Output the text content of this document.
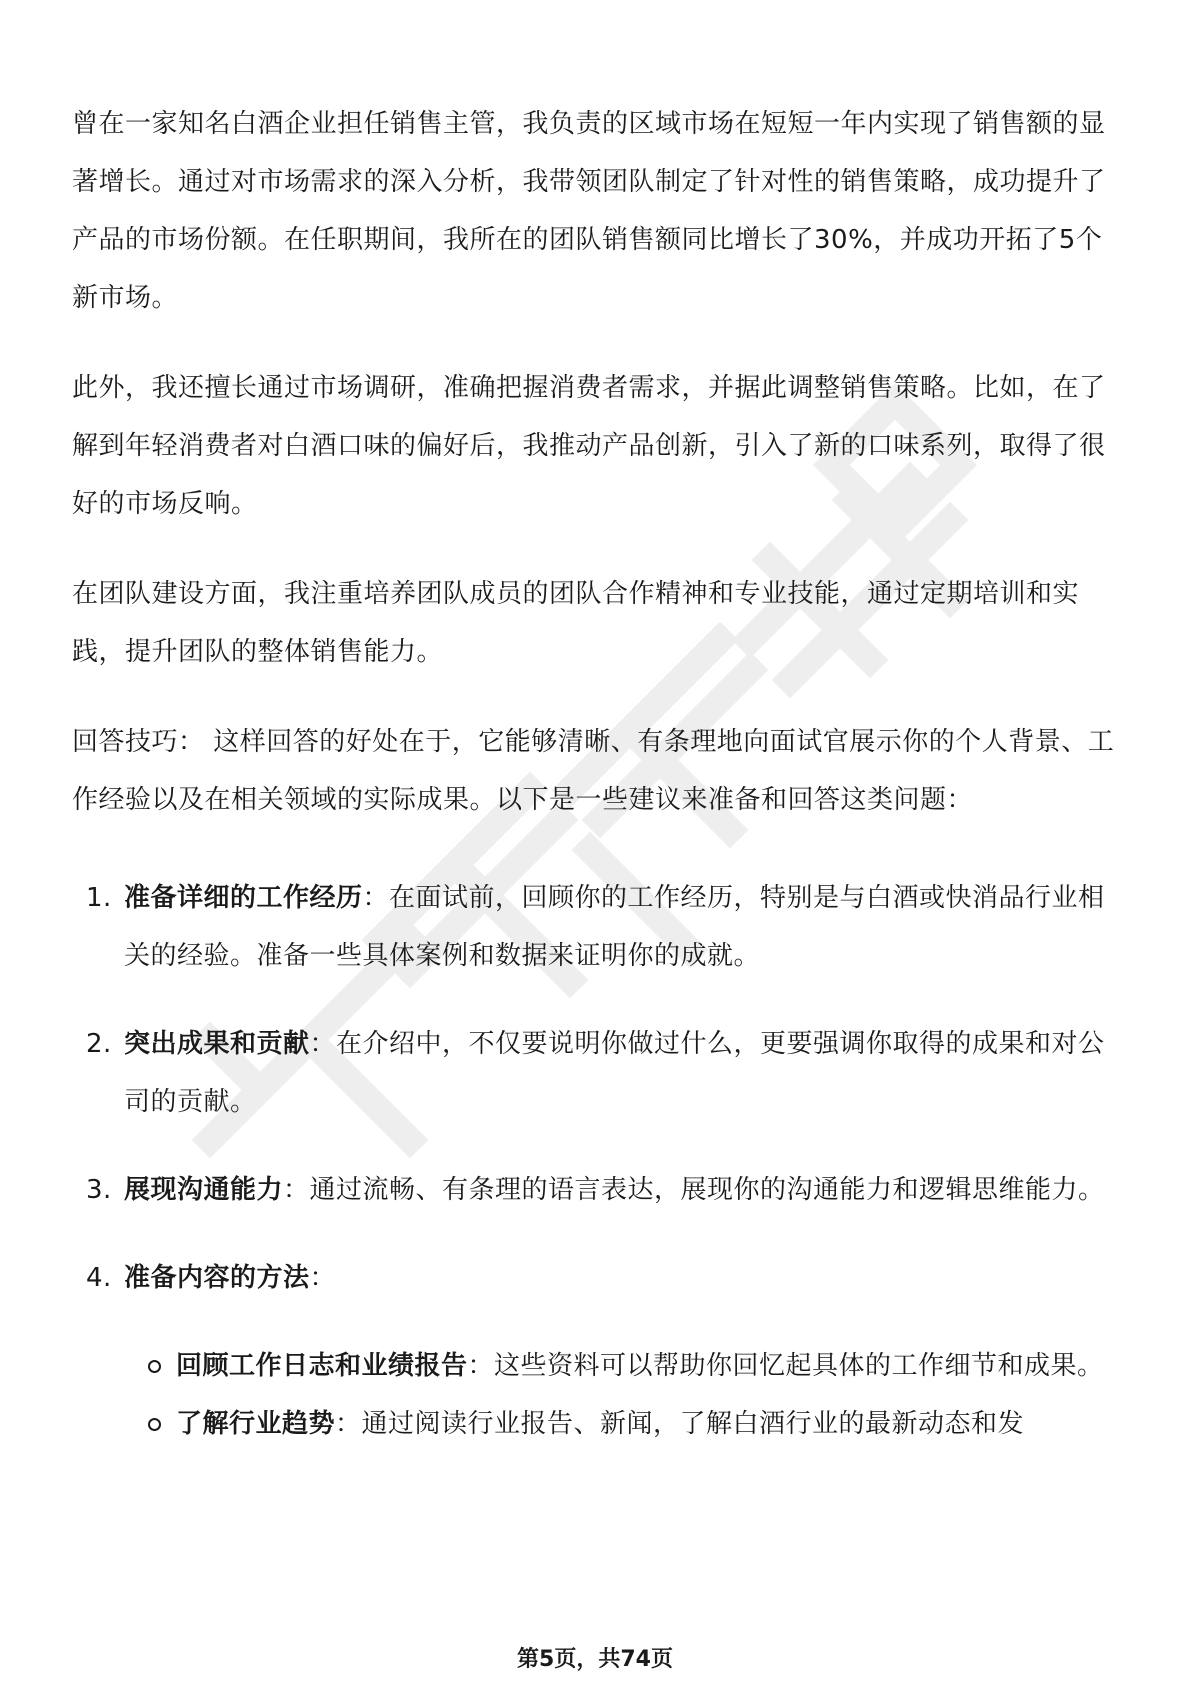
曾在一家知名白酒企业担任销售主管，我负责的区域市场在短短一年内实现了销售额的显著增长。通过对市场需求的深入分析，我带领团队制定了针对性的销售策略，成功提升了产品的市场份额。在任职期间，我所在的团队销售额同比增长了30%，并成功开拓了5个新市场。

此外，我还擅长通过市场调研，准确把握消费者需求，并据此调整销售策略。比如，在了解到年轻消费者对白酒口味的偏好后，我推动产品创新，引入了新的口味系列，取得了很好的市场反响。

在团队建设方面，我注重培养团队成员的团队合作精神和专业技能，通过定期培训和实践，提升团队的整体销售能力。

回答技巧： 这样回答的好处在于，它能够清晰、有条理地向面试官展示你的个人背景、工作经验以及在相关领域的实际成果。以下是一些建议来准备和回答这类问题：

1. 准备详细的工作经历：在面试前，回顾你的工作经历，特别是与白酒或快消品行业相关的经验。准备一些具体案例和数据来证明你的成就。
2. 突出成果和贡献：在介绍中，不仅要说明你做过什么，更要强调你取得的成果和对公司的贡献。
3. 展现沟通能力：通过流畅、有条理的语言表达，展现你的沟通能力和逻辑思维能力。
4. 准备内容的方法：
回顾工作日志和业绩报告：这些资料可以帮助你回忆起具体的工作细节和成果。
了解行业趋势：通过阅读行业报告、新闻，了解白酒行业的最新动态和发
第5页，共74页
